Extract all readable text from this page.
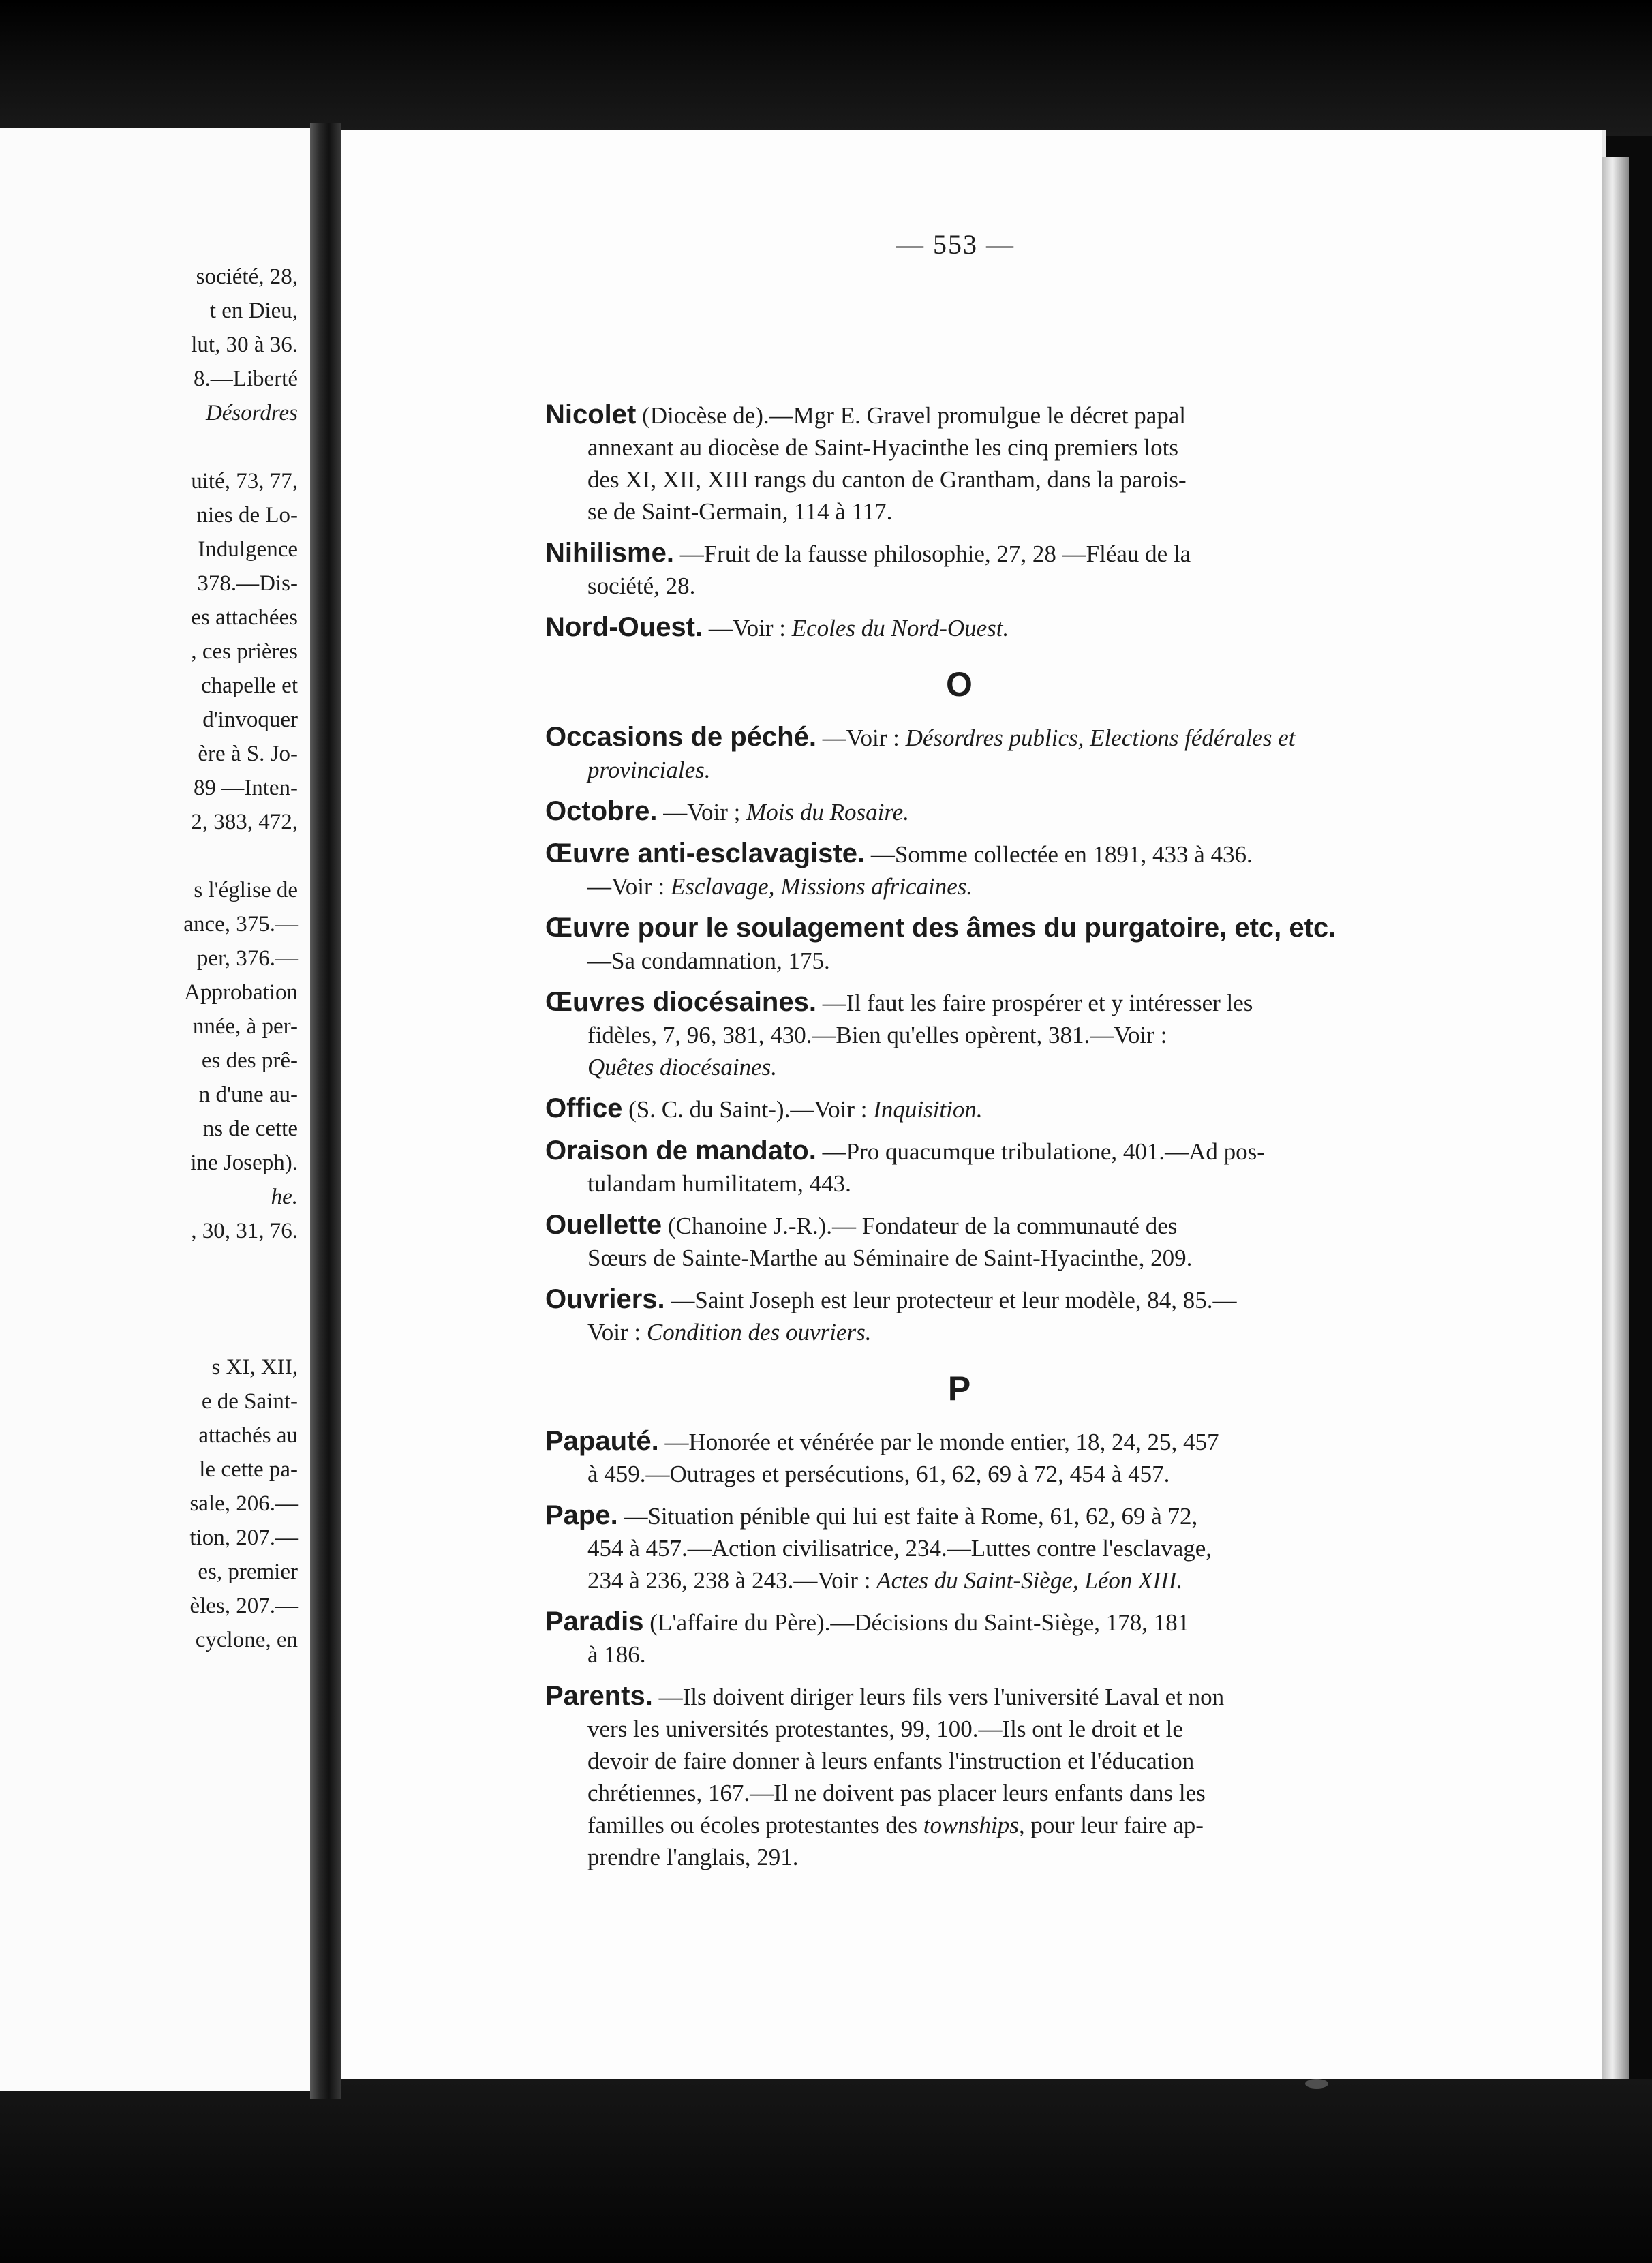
société, 28,
t en Dieu,
lut, 30 à 36.
8.—Liberté
Désordres
uité, 73, 77,
nies de Lo-
Indulgence
378.—Dis-
es attachées
, ces prières
chapelle et
d'invoquer
ère à S. Jo-
89 —Inten-
2, 383, 472,
s l'église de
ance, 375.—
per, 376.—
Approbation
nnée, à per-
es des prê-
n d'une au-
ns de cette
ine Joseph).
he.
, 30, 31, 76.
s XI, XII,
e de Saint-
attachés au
le cette pa-
sale, 206.—
tion, 207.—
es, premier
èles, 207.—
cyclone, en
— 553 —
Nicolet (Diocèse de).—Mgr E. Gravel promulgue le décret papal
annexant au diocèse de Saint-Hyacinthe les cinq premiers lots
des XI, XII, XIII rangs du canton de Grantham, dans la parois-
se de Saint-Germain, 114 à 117.
Nihilisme. —Fruit de la fausse philosophie, 27, 28 —Fléau de la
société, 28.
Nord-Ouest. —Voir : Ecoles du Nord-Ouest.
O
Occasions de péché. —Voir : Désordres publics, Elections fédérales et
provinciales.
Octobre. —Voir ; Mois du Rosaire.
Œuvre anti-esclavagiste. —Somme collectée en 1891, 433 à 436.
—Voir : Esclavage, Missions africaines.
Œuvre pour le soulagement des âmes du purgatoire, etc, etc.
—Sa condamnation, 175.
Œuvres diocésaines. —Il faut les faire prospérer et y intéresser les
fidèles, 7, 96, 381, 430.—Bien qu'elles opèrent, 381.—Voir :
Quêtes diocésaines.
Office (S. C. du Saint-).—Voir : Inquisition.
Oraison de mandato. —Pro quacumque tribulatione, 401.—Ad pos-
tulandam humilitatem, 443.
Ouellette (Chanoine J.-R.).— Fondateur de la communauté des
Sœurs de Sainte-Marthe au Séminaire de Saint-Hyacinthe, 209.
Ouvriers. —Saint Joseph est leur protecteur et leur modèle, 84, 85.—
Voir : Condition des ouvriers.
P
Papauté. —Honorée et vénérée par le monde entier, 18, 24, 25, 457
à 459.—Outrages et persécutions, 61, 62, 69 à 72, 454 à 457.
Pape. —Situation pénible qui lui est faite à Rome, 61, 62, 69 à 72,
454 à 457.—Action civilisatrice, 234.—Luttes contre l'esclavage,
234 à 236, 238 à 243.—Voir : Actes du Saint-Siège, Léon XIII.
Paradis (L'affaire du Père).—Décisions du Saint-Siège, 178, 181
à 186.
Parents. —Ils doivent diriger leurs fils vers l'université Laval et non
vers les universités protestantes, 99, 100.—Ils ont le droit et le
devoir de faire donner à leurs enfants l'instruction et l'éducation
chrétiennes, 167.—Il ne doivent pas placer leurs enfants dans les
familles ou écoles protestantes des townships, pour leur faire ap-
prendre l'anglais, 291.
